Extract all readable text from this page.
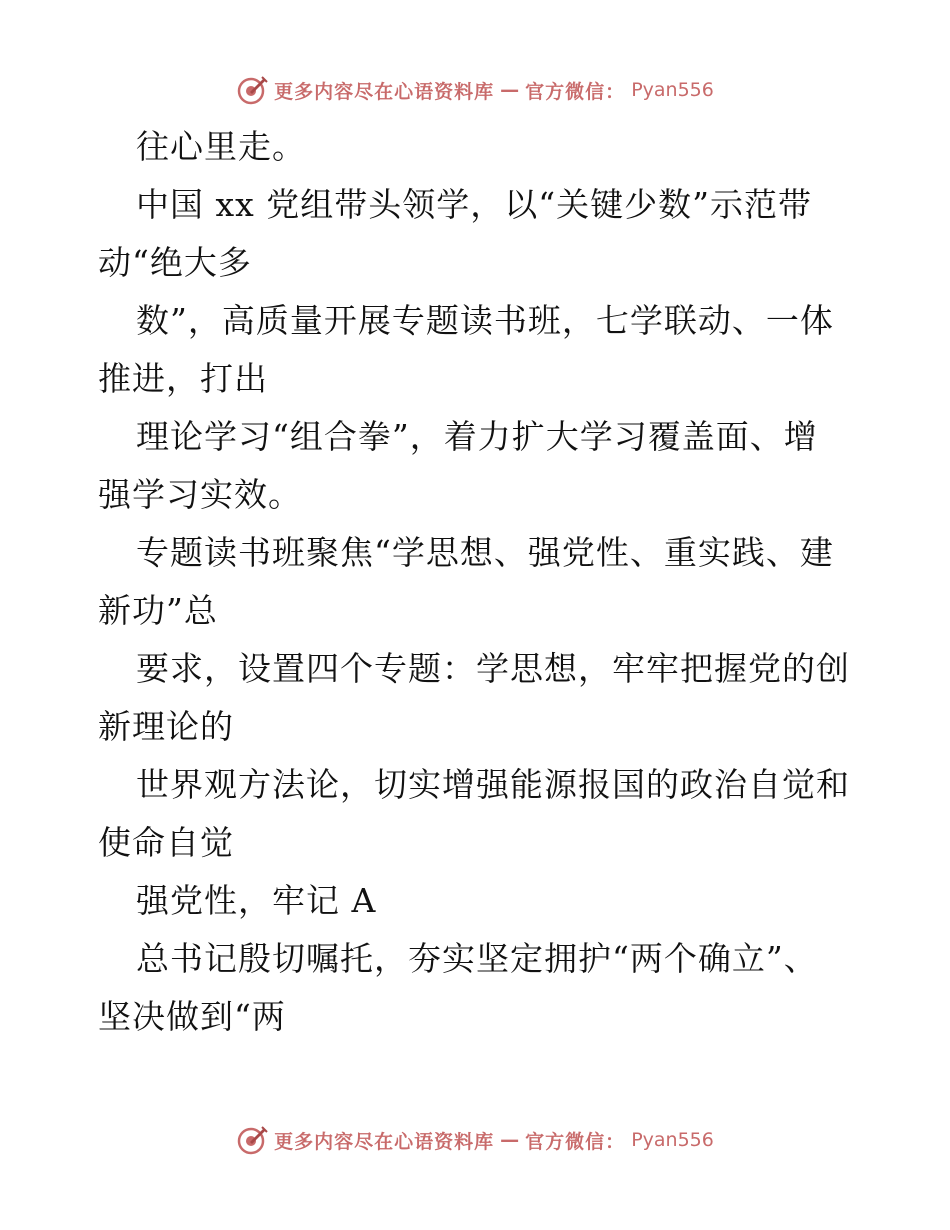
更多内容尽在心语资料库 — 官方微信： Pyan556
往心里走。
中国 xx 党组带头领学，以“关键少数”示范带
动“绝大多
数”，高质量开展专题读书班，七学联动、一体
推进，打出
理论学习“组合拳”，着力扩大学习覆盖面、增
强学习实效。
专题读书班聚焦“学思想、强党性、重实践、建
新功”总
要求，设置四个专题：学思想，牢牢把握党的创
新理论的
世界观方法论，切实增强能源报国的政治自觉和
使命自觉
强党性，牢记 A
总书记殷切嘱托，夯实坚定拥护“两个确立”、
坚决做到“两
更多内容尽在心语资料库 — 官方微信： Pyan556
